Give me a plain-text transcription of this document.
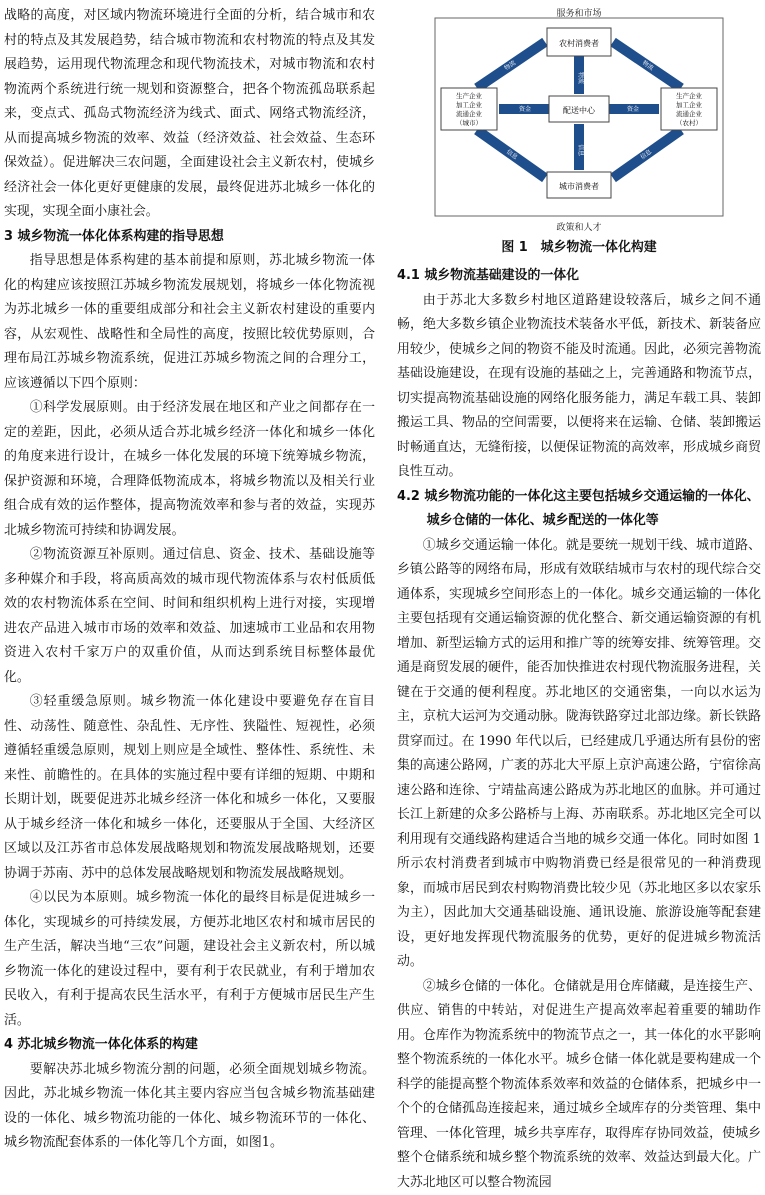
战略的高度，对区域内物流环境进行全面的分析，结合城市和农村的特点及其发展趋势，结合城市物流和农村物流的特点及其发展趋势，运用现代物流理念和现代物流技术，对城市物流和农村物流两个系统进行统一规划和资源整合，把各个物流孤岛联系起来，变点式、孤岛式物流经济为线式、面式、网络式物流经济，从而提高城乡物流的效率、效益（经济效益、社会效益、生态环保效益）。促进解决三农问题，全面建设社会主义新农村，使城乡经济社会一体化更好更健康的发展，最终促进苏北城乡一体化的实现，实现全面小康社会。

3 城乡物流一体化体系构建的指导思想

指导思想是体系构建的基本前提和原则，苏北城乡物流一体化的构建应该按照江苏城乡物流发展规划，将城乡一体化物流视为苏北城乡一体的重要组成部分和社会主义新农村建设的重要内容，从宏观性、战略性和全局性的高度，按照比较优势原则，合理布局江苏城乡物流系统，促进江苏城乡物流之间的合理分工，应该遵循以下四个原则：

①科学发展原则。由于经济发展在地区和产业之间都存在一定的差距，因此，必须从适合苏北城乡经济一体化和城乡一体化的角度来进行设计，在城乡一体化发展的环境下统筹城乡物流，保护资源和环境，合理降低物流成本，将城乡物流以及相关行业组合成有效的运作整体，提高物流效率和参与者的效益，实现苏北城乡物流可持续和协调发展。

②物流资源互补原则。通过信息、资金、技术、基础设施等多种媒介和手段，将高质高效的城市现代物流体系与农村低质低效的农村物流体系在空间、时间和组织机构上进行对接，实现增进农产品进入城市市场的效率和效益、加速城市工业品和农用物资进入农村千家万户的双重价值，从而达到系统目标整体最优化。

③轻重缓急原则。城乡物流一体化建设中要避免存在盲目性、动荡性、随意性、杂乱性、无序性、狭隘性、短视性，必须遵循轻重缓急原则，规划上则应是全域性、整体性、系统性、未来性、前瞻性的。在具体的实施过程中要有详细的短期、中期和长期计划，既要促进苏北城乡经济一体化和城乡一体化，又要服从于城乡经济一体化和城乡一体化，还要服从于全国、大经济区区域以及江苏省市总体发展战略规划和物流发展战略规划，还要协调于苏南、苏中的总体发展战略规划和物流发展战略规划。

④以民为本原则。城乡物流一体化的最终目标是促进城乡一体化，实现城乡的可持续发展，方便苏北地区农村和城市居民的生产生活，解决当地“三农”问题，建设社会主义新农村，所以城乡物流一体化的建设过程中，要有利于农民就业，有利于增加农民收入，有利于提高农民生活水平，有利于方便城市居民生产生活。

4 苏北城乡物流一体化体系的构建

要解决苏北城乡物流分割的问题，必须全面规划城乡物流。因此，苏北城乡物流一体化其主要内容应当包含城乡物流基础建设的一体化、城乡物流功能的一体化、城乡物流环节的一体化、城乡物流配套体系的一体化等几个方面，如图1。

服务和市场
政策和人才
物流
信息
资金	资金
物流	物流
信息	信息
农村消费者
配送中心
城市消费者
生产企业
加工企业
流通企业
（城市）
生产企业
加工企业
流通企业
（农村）
图 1　城乡物流一体化构建
4.1 城乡物流基础建设的一体化

由于苏北大多数乡村地区道路建设较落后，城乡之间不通畅，绝大多数乡镇企业物流技术装备水平低，新技术、新装备应用较少，使城乡之间的物资不能及时流通。因此，必须完善物流基础设施建设，在现有设施的基础之上，完善通路和物流节点，切实提高物流基础设施的网络化服务能力，满足车载工具、装卸搬运工具、物品的空间需要，以便将来在运输、仓储、装卸搬运时畅通直达，无缝衔接，以便保证物流的高效率，形成城乡商贸良性互动。

4.2 城乡物流功能的一体化这主要包括城乡交通运输的一体化、城乡仓储的一体化、城乡配送的一体化等

①城乡交通运输一体化。就是要统一规划干线、城市道路、乡镇公路等的网络布局，形成有效联结城市与农村的现代综合交通体系，实现城乡空间形态上的一体化。城乡交通运输的一体化主要包括现有交通运输资源的优化整合、新交通运输资源的有机增加、新型运输方式的运用和推广等的统筹安排、统筹管理。交通是商贸发展的硬件，能否加快推进农村现代物流服务进程，关键在于交通的便利程度。苏北地区的交通密集，一向以水运为主，京杭大运河为交通动脉。陇海铁路穿过北部边缘。新长铁路贯穿而过。在 1990 年代以后，已经建成几乎通达所有县份的密集的高速公路网，广袤的苏北大平原上京沪高速公路，宁宿徐高速公路和连徐、宁靖盐高速公路成为苏北地区的血脉。并可通过长江上新建的众多公路桥与上海、苏南联系。苏北地区完全可以利用现有交通线路构建适合当地的城乡交通一体化。同时如图 1 所示农村消费者到城市中购物消费已经是很常见的一种消费现象，而城市居民到农村购物消费比较少见（苏北地区多以农家乐为主），因此加大交通基础设施、通讯设施、旅游设施等配套建设，更好地发挥现代物流服务的优势，更好的促进城乡物流活动。

②城乡仓储的一体化。仓储就是用仓库储藏，是连接生产、供应、销售的中转站，对促进生产提高效率起着重要的辅助作用。仓库作为物流系统中的物流节点之一，其一体化的水平影响整个物流系统的一体化水平。城乡仓储一体化就是要构建成一个科学的能提高整个物流体系效率和效益的仓储体系，把城乡中一个个的仓储孤岛连接起来，通过城乡全域库存的分类管理、集中管理、一体化管理，城乡共享库存，取得库存协同效益，使城乡整个仓储系统和城乡整个物流系统的效率、效益达到最大化。广大苏北地区可以整合物流园
